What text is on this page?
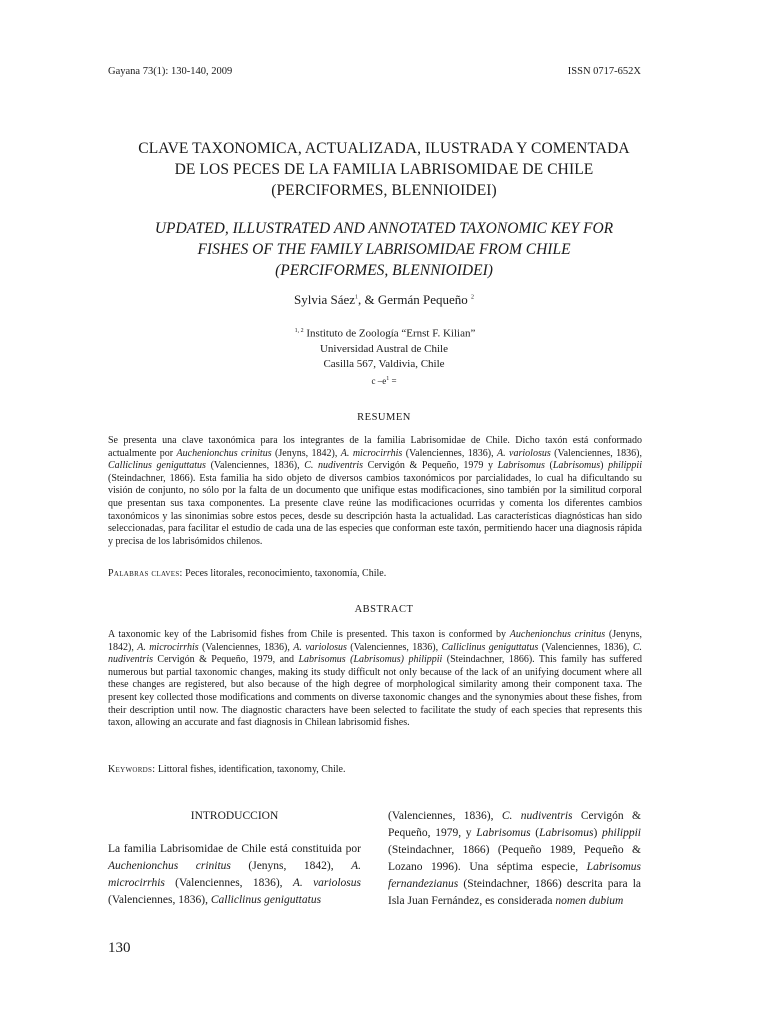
Gayana 73(1): 130-140, 2009	ISSN 0717-652X
CLAVE TAXONOMICA, ACTUALIZADA, ILUSTRADA Y COMENTADA
DE LOS PECES DE LA FAMILIA LABRISOMIDAE DE CHILE
(PERCIFORMES, BLENNIOIDEI)
UPDATED, ILLUSTRATED AND ANNOTATED TAXONOMIC KEY FOR
FISHES OF THE FAMILY LABRISOMIDAE FROM CHILE
(PERCIFORMES, BLENNIOIDEI)
Sylvia Sáez$^1$, & Germán Pequeño $^2$
$^{1, 2}$ Instituto de Zoología “Ernst F. Kilian”
Universidad Austral de Chile
Casilla 567, Valdivia, Chile
c $-e^1$ =
RESUMEN
Se presenta una clave taxonómica para los integrantes de la familia Labrisomidae de Chile. Dicho taxón está conformado actualmente por Auchenionchus crinitus (Jenyns, 1842), A. microcirrhis (Valenciennes, 1836), A. variolosus (Valenciennes, 1836), Calliclinus geniguttatus (Valenciennes, 1836), C. nudiventris Cervigón & Pequeño, 1979 y Labrisomus (Labrisomus) philippii (Steindachner, 1866). Esta familia ha sido objeto de diversos cambios taxonómicos por parcialidades, lo cual ha dificultando su visión de conjunto, no sólo por la falta de un documento que unifique estas modificaciones, sino también por la similitud corporal que presentan sus taxa componentes. La presente clave reúne las modificaciones ocurridas y comenta los diferentes cambios taxonómicos y las sinonimias sobre estos peces, desde su descripción hasta la actualidad. Las características diagnósticas han sido seleccionadas, para facilitar el estudio de cada una de las especies que conforman este taxón, permitiendo hacer una diagnosis rápida y precisa de los labrisómidos chilenos.
Palabras claves: Peces litorales, reconocimiento, taxonomía, Chile.
ABSTRACT
A taxonomic key of the Labrisomid fishes from Chile is presented. This taxon is conformed by Auchenionchus crinitus (Jenyns, 1842), A. microcirrhis (Valenciennes, 1836), A. variolosus (Valenciennes, 1836), Calliclinus geniguttatus (Valenciennes, 1836), C. nudiventris Cervigón & Pequeño, 1979, and Labrisomus (Labrisomus) philippii (Steindachner, 1866). This family has suffered numerous but partial taxonomic changes, making its study difficult not only because of the lack of an unifying document where all these changes are registered, but also because of the high degree of morphological similarity among their component taxa. The present key collected those modifications and comments on diverse taxonomic changes and the synonymies about these fishes, from their description until now. The diagnostic characters have been selected to facilitate the study of each species that represents this taxon, allowing an accurate and fast diagnosis in Chilean labrisomid fishes.
Keywords: Littoral fishes, identification, taxonomy, Chile.
INTRODUCCION
La familia Labrisomidae de Chile está constituida por Auchenionchus crinitus (Jenyns, 1842), A. microcirrhis (Valenciennes, 1836), A. variolosus (Valenciennes, 1836), Calliclinus geniguttatus
(Valenciennes, 1836), C. nudiventris Cervigón & Pequeño, 1979, y Labrisomus (Labrisomus) philippii (Steindachner, 1866) (Pequeño 1989, Pequeño & Lozano 1996). Una séptima especie, Labrisomus fernandezianus (Steindachner, 1866) descrita para la Isla Juan Fernández, es considerada nomen dubium
130
